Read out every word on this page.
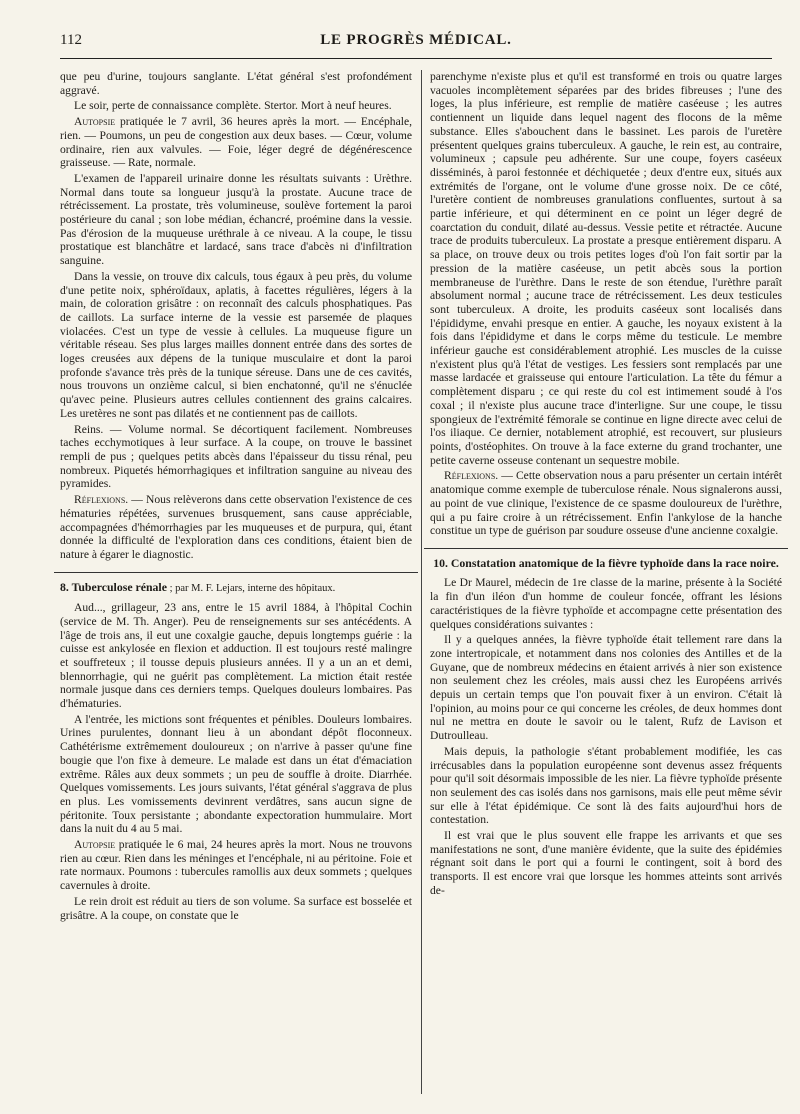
112	LE PROGRÈS MÉDICAL.

que peu d'urine, toujours sanglante. L'état général s'est profondément aggravé.

Le soir, perte de connaissance complète. Stertor. Mort à neuf heures.

Autopsie pratiquée le 7 avril, 36 heures après la mort. — Encéphale, rien. — Poumons, un peu de congestion aux deux bases. — Cœur, volume ordinaire, rien aux valvules. — Foie, léger degré de dégénérescence graisseuse. — Rate, normale.

L'examen de l'appareil urinaire donne les résultats suivants : Urèthre. Normal dans toute sa longueur jusqu'à la prostate. Aucune trace de rétrécissement. La prostate, très volumineuse, soulève fortement la paroi postérieure du canal ; son lobe médian, échancré, proémine dans la vessie. Pas d'érosion de la muqueuse uréthrale à ce niveau. A la coupe, le tissu prostatique est blanchâtre et lardacé, sans trace d'abcès ni d'infiltration sanguine.

Dans la vessie, on trouve dix calculs, tous égaux à peu près, du volume d'une petite noix, sphéroïdaux, aplatis, à facettes régulières, légers à la main, de coloration grisâtre : on reconnaît des calculs phosphatiques. Pas de caillots. La surface interne de la vessie est parsemée de plaques violacées. C'est un type de vessie à cellules. La muqueuse figure un véritable réseau. Ses plus larges mailles donnent entrée dans des sortes de loges creusées aux dépens de la tunique musculaire et dont la paroi profonde s'avance très près de la tunique séreuse. Dans une de ces cavités, nous trouvons un onzième calcul, si bien enchatonné, qu'il ne s'énuclée qu'avec peine. Plusieurs autres cellules contiennent des grains calcaires. Les uretères ne sont pas dilatés et ne contiennent pas de caillots.

Reins. — Volume normal. Se décortiquent facilement. Nombreuses taches ecchymotiques à leur surface. A la coupe, on trouve le bassinet rempli de pus ; quelques petits abcès dans l'épaisseur du tissu rénal, peu nombreux. Piquetés hémorrhagiques et infiltration sanguine au niveau des pyramides.

Réflexions. — Nous relèverons dans cette observation l'existence de ces hématuries répétées, survenues brusquement, sans cause appréciable, accompagnées d'hémorrhagies par les muqueuses et de purpura, qui, étant donnée la difficulté de l'exploration dans ces conditions, étaient bien de nature à égarer le diagnostic.

8. Tuberculose rénale ; par M. F. Lejars, interne des hôpitaux.

Aud..., grillageur, 23 ans, entre le 15 avril 1884, à l'hôpital Cochin (service de M. Th. Anger). Peu de renseignements sur ses antécédents. A l'âge de trois ans, il eut une coxalgie gauche, depuis longtemps guérie : la cuisse est ankylosée en flexion et adduction. Il est toujours resté malingre et souffreteux ; il tousse depuis plusieurs années. Il y a un an et demi, blennorrhagie, qui ne guérit pas complètement. La miction était restée normale jusque dans ces derniers temps. Quelques douleurs lombaires. Pas d'hématuries.

A l'entrée, les mictions sont fréquentes et pénibles. Douleurs lombaires. Urines purulentes, donnant lieu à un abondant dépôt floconneux. Cathétérisme extrêmement douloureux ; on n'arrive à passer qu'une fine bougie que l'on fixe à demeure. Le malade est dans un état d'émaciation extrême. Râles aux deux sommets ; un peu de souffle à droite. Diarrhée. Quelques vomissements. Les jours suivants, l'état général s'aggrava de plus en plus. Les vomissements devinrent verdâtres, sans aucun signe de péritonite. Toux persistante ; abondante expectoration hummulaire. Mort dans la nuit du 4 au 5 mai.

Autopsie pratiquée le 6 mai, 24 heures après la mort. Nous ne trouvons rien au cœur. Rien dans les méninges et l'encéphale, ni au péritoine. Foie et rate normaux. Poumons : tubercules ramollis aux deux sommets ; quelques cavernules à droite.

Le rein droit est réduit au tiers de son volume. Sa surface est bosselée et grisâtre. A la coupe, on constate que le

parenchyme n'existe plus et qu'il est transformé en trois ou quatre larges vacuoles incomplètement séparées par des brides fibreuses ; l'une des loges, la plus inférieure, est remplie de matière caséeuse ; les autres contiennent un liquide dans lequel nagent des flocons de la même substance. Elles s'abouchent dans le bassinet. Les parois de l'uretère présentent quelques grains tuberculeux. A gauche, le rein est, au contraire, volumineux ; capsule peu adhérente. Sur une coupe, foyers caséeux disséminés, à paroi festonnée et déchiquetée ; deux d'entre eux, situés aux extrémités de l'organe, ont le volume d'une grosse noix. De ce côté, l'uretère contient de nombreuses granulations confluentes, surtout à sa partie inférieure, et qui déterminent en ce point un léger degré de coarctation du conduit, dilaté au-dessus. Vessie petite et rétractée. Aucune trace de produits tuberculeux. La prostate a presque entièrement disparu. A sa place, on trouve deux ou trois petites loges d'où l'on fait sortir par la pression de la matière caséeuse, un petit abcès sous la portion membraneuse de l'urèthre. Dans le reste de son étendue, l'urèthre paraît absolument normal ; aucune trace de rétrécissement. Les deux testicules sont tuberculeux. A droite, les produits caséeux sont localisés dans l'épididyme, envahi presque en entier. A gauche, les noyaux existent à la fois dans l'épididyme et dans le corps même du testicule. Le membre inférieur gauche est considérablement atrophié. Les muscles de la cuisse n'existent plus qu'à l'état de vestiges. Les fessiers sont remplacés par une masse lardacée et graisseuse qui entoure l'articulation. La tête du fémur a complètement disparu ; ce qui reste du col est intimement soudé à l'os coxal ; il n'existe plus aucune trace d'interligne. Sur une coupe, le tissu spongieux de l'extrémité fémorale se continue en ligne directe avec celui de l'os iliaque. Ce dernier, notablement atrophié, est recouvert, sur plusieurs points, d'ostéophites. On trouve à la face externe du grand trochanter, une petite caverne osseuse contenant un sequestre mobile.

Réflexions. — Cette observation nous a paru présenter un certain intérêt anatomique comme exemple de tuberculose rénale. Nous signalerons aussi, au point de vue clinique, l'existence de ce spasme douloureux de l'urèthre, qui a pu faire croire à un rétrécissement. Enfin l'ankylose de la hanche constitue un type de guérison par soudure osseuse d'une ancienne coxalgie.

10. Constatation anatomique de la fièvre typhoïde dans la race noire.

Le Dr Maurel, médecin de 1re classe de la marine, présente à la Société la fin d'un iléon d'un homme de couleur foncée, offrant les lésions caractéristiques de la fièvre typhoïde et accompagne cette présentation des quelques considérations suivantes :

Il y a quelques années, la fièvre typhoïde était tellement rare dans la zone intertropicale, et notamment dans nos colonies des Antilles et de la Guyane, que de nombreux médecins en étaient arrivés à nier son existence non seulement chez les créoles, mais aussi chez les Européens arrivés depuis un certain temps que l'on pouvait fixer à un environ. C'était là l'opinion, au moins pour ce qui concerne les créoles, de deux hommes dont nul ne mettra en doute le savoir ou le talent, Rufz de Lavison et Dutroulleau.

Mais depuis, la pathologie s'étant probablement modifiée, les cas irrécusables dans la population européenne sont devenus assez fréquents pour qu'il soit désormais impossible de les nier. La fièvre typhoïde présente non seulement des cas isolés dans nos garnisons, mais elle peut même sévir sur elle à l'état épidémique. Ce sont là des faits aujourd'hui hors de contestation.

Il est vrai que le plus souvent elle frappe les arrivants et que ses manifestations ne sont, d'une manière évidente, que la suite des épidémies régnant soit dans le port qui a fourni le contingent, soit à bord des transports. Il est encore vrai que lorsque les hommes atteints sont arrivés de-
